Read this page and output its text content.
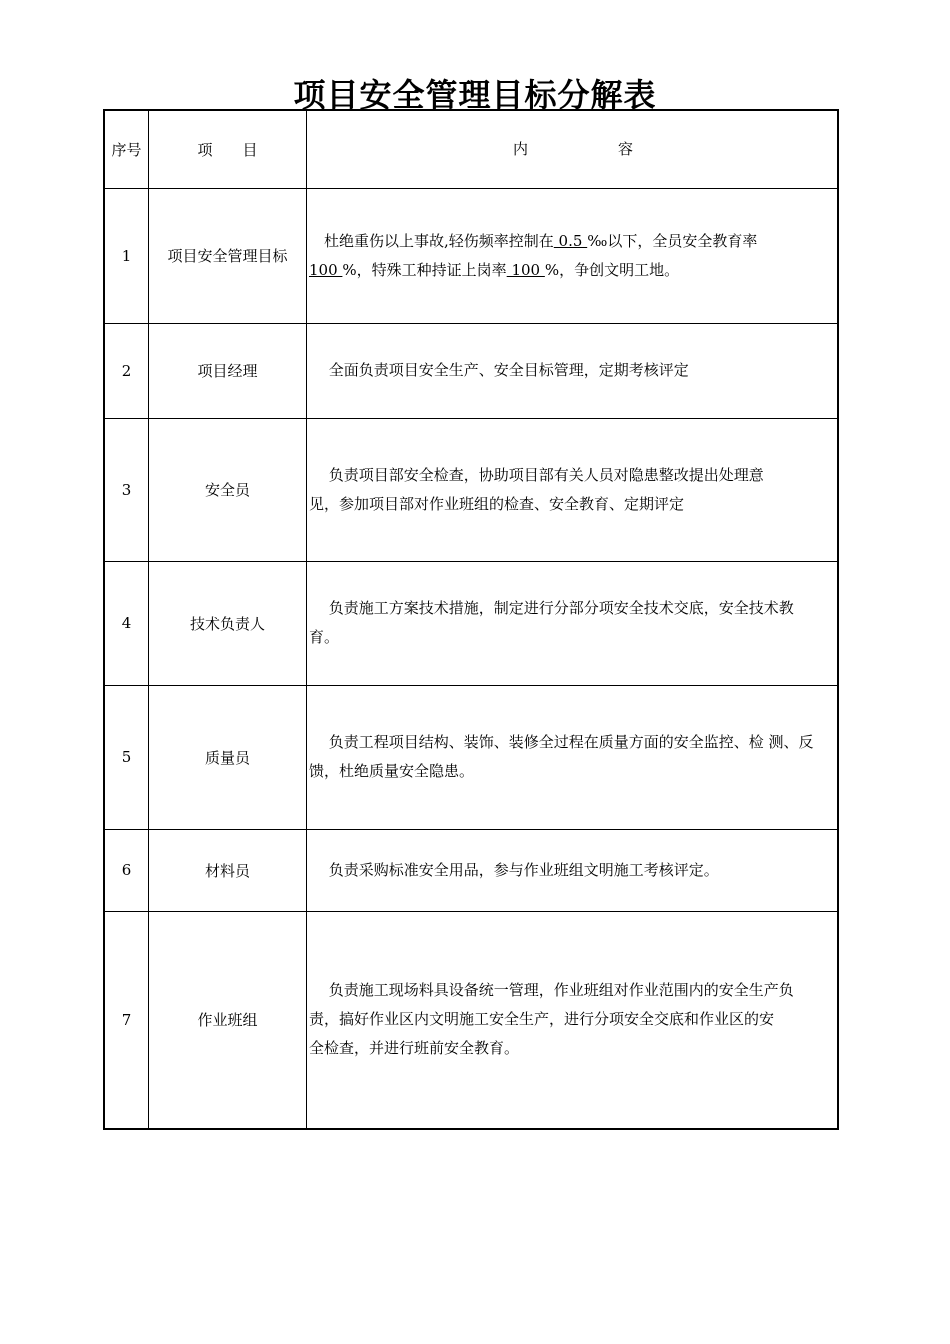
项目安全管理目标分解表
序号	项　　目	内　　　　　　容
1	项目安全管理目标	　杜绝重伤以上事故,轻伤频率控制在 0.5 ‰以下，全员安全教育率
100 %，特殊工种持证上岗率 100 %，争创文明工地。
2	项目经理	　 全面负责项目安全生产、安全目标管理，定期考核评定

3	安全员	　 负责项目部安全检查，协助项目部有关人员对隐患整改提出处理意
见，参加项目部对作业班组的检查、安全教育、定期评定

4	技术负责人	　 负责施工方案技术措施，制定进行分部分项安全技术交底，安全技术教
育。

5	质量员	　 负责工程项目结构、装饰、装修全过程在质量方面的安全监控、检 测、反
馈，杜绝质量安全隐患。

6	材料员	　 负责采购标准安全用品，参与作业班组文明施工考核评定。

7	作业班组	　 负责施工现场料具设备统一管理，作业班组对作业范围内的安全生产负
责，搞好作业区内文明施工安全生产，进行分项安全交底和作业区的安
全检查，并进行班前安全教育。
